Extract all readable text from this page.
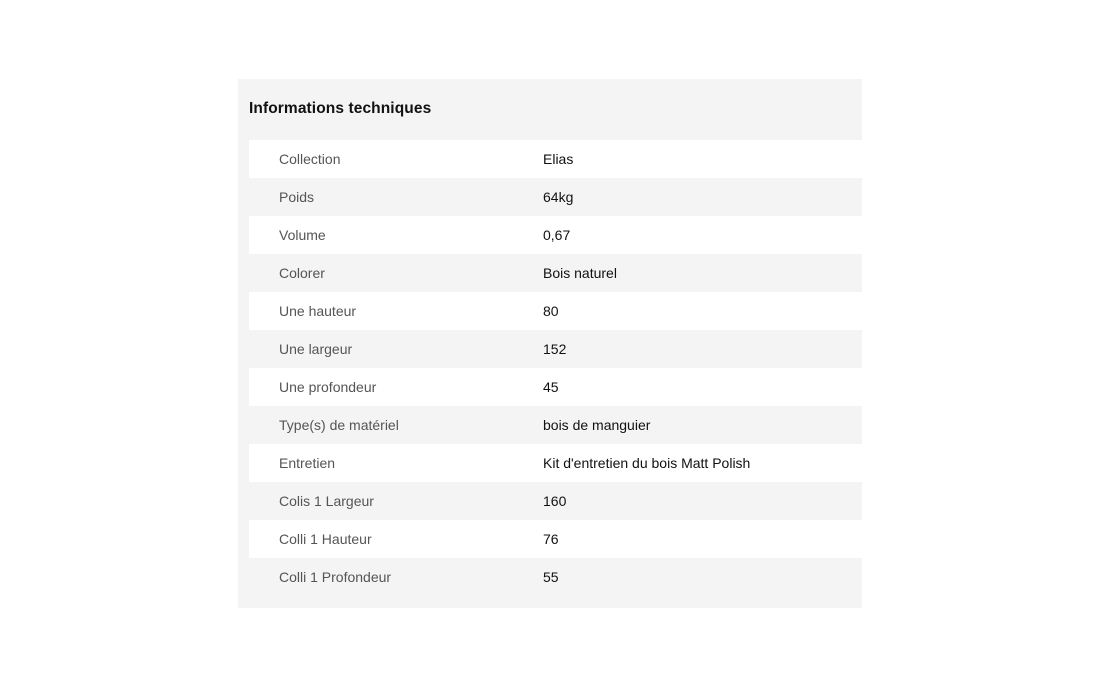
Informations techniques
Collection	Elias
Poids	64kg
Volume	0,67
Colorer	Bois naturel
Une hauteur	80
Une largeur	152
Une profondeur	45
Type(s) de matériel	bois de manguier
Entretien	Kit d'entretien du bois Matt Polish
Colis 1 Largeur	160
Colli 1 Hauteur	76
Colli 1 Profondeur	55
